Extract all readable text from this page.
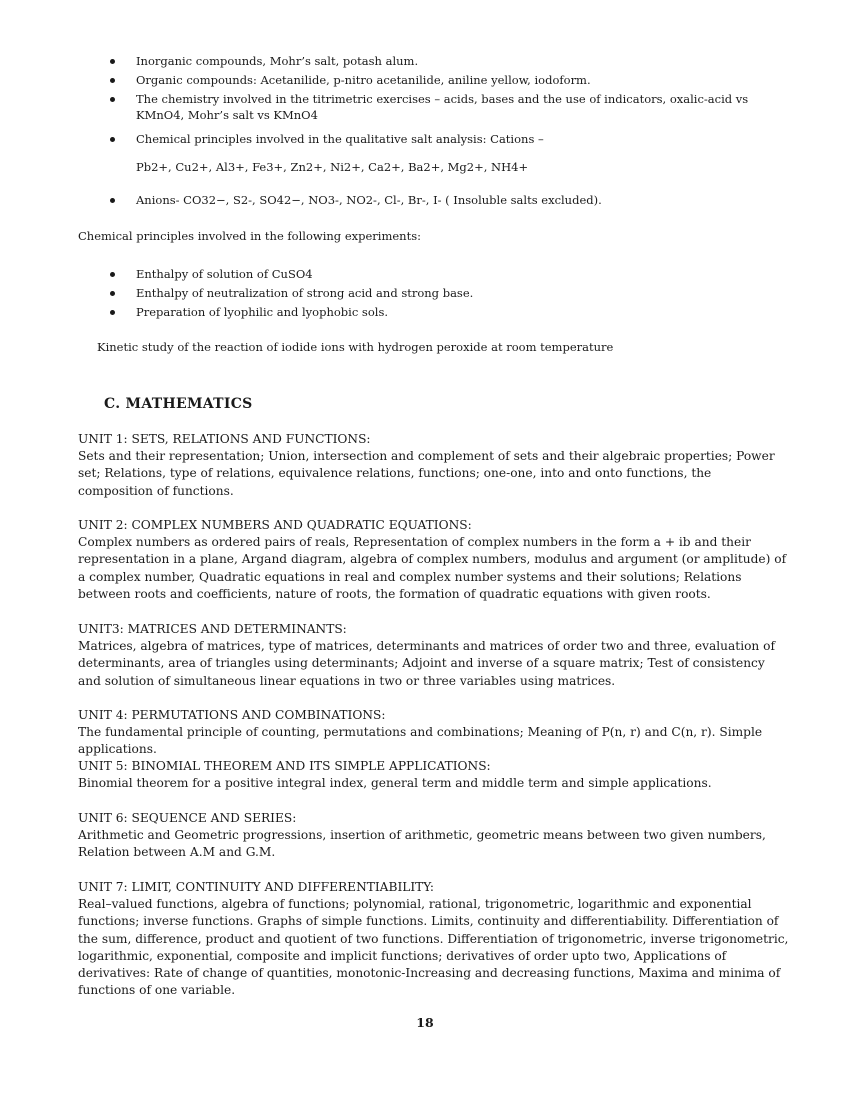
Inorganic compounds, Mohr’s salt, potash alum.
Organic compounds: Acetanilide, p-nitro acetanilide, aniline yellow, iodoform.
The chemistry involved in the titrimetric exercises – acids, bases and the use of indicators, oxalic-acid vs KMnO4, Mohr’s salt vs KMnO4
Chemical principles involved in the qualitative salt analysis: Cations –
Pb2+, Cu2+, Al3+, Fe3+, Zn2+, Ni2+, Ca2+, Ba2+, Mg2+, NH4+
Anions- CO32−, S2-, SO42−, NO3-, NO2-, Cl-, Br-, I- ( Insoluble salts excluded).
Chemical principles involved in the following experiments:
Enthalpy of solution of CuSO4
Enthalpy of neutralization of strong acid and strong base.
Preparation of lyophilic and lyophobic sols.
Kinetic study of the reaction of iodide ions with hydrogen peroxide at room temperature
C. MATHEMATICS
UNIT 1: SETS, RELATIONS AND FUNCTIONS:
Sets and their representation; Union, intersection and complement of sets and their algebraic properties; Power set; Relations, type of relations, equivalence relations, functions; one-one, into and onto functions, the composition of functions.
UNIT 2: COMPLEX NUMBERS AND QUADRATIC EQUATIONS:
Complex numbers as ordered pairs of reals, Representation of complex numbers in the form a + ib and their representation in a plane, Argand diagram, algebra of complex numbers, modulus and argument (or amplitude) of a complex number, Quadratic equations in real and complex number systems and their solutions; Relations between roots and coefficients, nature of roots, the formation of quadratic equations with given roots.
UNIT3: MATRICES AND DETERMINANTS:
Matrices, algebra of matrices, type of matrices, determinants and matrices of order two and three, evaluation of determinants, area of triangles using determinants; Adjoint and inverse of a square matrix; Test of consistency and solution of simultaneous linear equations in two or three variables using matrices.
UNIT 4: PERMUTATIONS AND COMBINATIONS:
The fundamental principle of counting, permutations and combinations; Meaning of P(n, r) and C(n, r). Simple applications.
UNIT 5: BINOMIAL THEOREM AND ITS SIMPLE APPLICATIONS:
Binomial theorem for a positive integral index, general term and middle term and simple applications.
UNIT 6: SEQUENCE AND SERIES:
Arithmetic and Geometric progressions, insertion of arithmetic, geometric means between two given numbers, Relation between A.M and G.M.
UNIT 7: LIMIT, CONTINUITY AND DIFFERENTIABILITY:
Real–valued functions, algebra of functions; polynomial, rational, trigonometric, logarithmic and exponential functions; inverse functions. Graphs of simple functions. Limits, continuity and differentiability. Differentiation of the sum, difference, product and quotient of two functions. Differentiation of trigonometric, inverse trigonometric, logarithmic, exponential, composite and implicit functions; derivatives of order upto two, Applications of derivatives: Rate of change of quantities, monotonic-Increasing and decreasing functions, Maxima and minima of functions of one variable.
18
